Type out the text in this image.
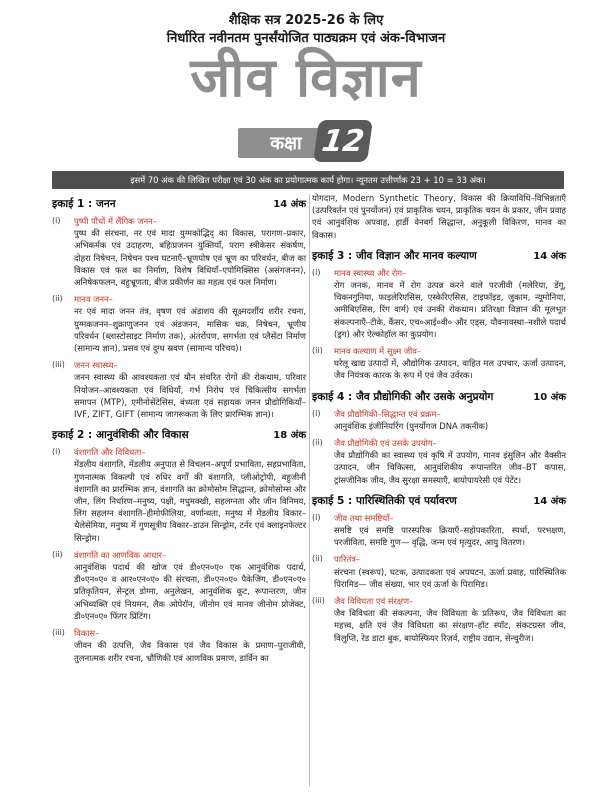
शैक्षिक सत्र 2025-26 के लिए
निर्धारित नवीनतम पुनर्संयोजित पाठ्यक्रम एवं अंक-विभाजन
जीव विज्ञान
कक्षा 12
इसमें 70 अंक की लिखित परीक्षा एवं 30 अंक का प्रयोगात्मक कार्य होगा। न्यूनतम उत्तीर्णांक 23 + 10 = 33 अंक।
इकाई 1 : जनन	14 अंक
(i)	पुष्पी पौधों में लैंगिक जनन–
पुष्प की संरचना, नर एवं मादा युग्मकोद्भिद् का विकास, परागण–प्रकार, अभिकर्मक एवं उदाहरण, बहिःप्रजनन युक्तियाँ, पराग स्त्रीकेसर संकर्षण, दोहरा निषेचन, निषेचन पश्च घटनाएँ–भ्रूणपोष एवं भ्रूण का परिवर्धन, बीज का विकास एवं फल का निर्माण, विशेष विधियाँ–एपोमिक्सिस (असंगजनन), अनिषेकफलन, बहुभ्रूणता, बीज प्रकीर्णन का महत्व एवं फल निर्माण।
(ii)	मानव जनन–
नर एवं मादा जनन तंत्र, वृषण एवं अंडाशय की सूक्ष्मदर्शीय शरीर रचना, युग्मकजनन–शुक्राणुजनन एवं अंडजनन, मासिक चक्र, निषेचन, भ्रूणीय परिवर्धन (ब्लास्टोसाइट निर्माण तक), अंतर्रोपण, सगर्भता एवं प्लैसेंटा निर्माण (सामान्य ज्ञान), प्रसव एवं दुग्ध स्रवण (सामान्य परिचय)।
(iii)	जनन स्वास्थ्य–
जनन स्वास्थ्य की आवश्यकता एवं यौन संचरित रोगों की रोकथाम, परिवार नियोजन–आवश्यकता एवं विधियाँ, गर्भ निरोध एवं चिकित्सीय सगर्भता समापन (MTP), एमीनोसेंटेसिस, बंध्यता एवं सहायक जनन प्रौद्योगिकियाँ–IVF, ZIFT, GIFT (सामान्य जागरूकता के लिए प्रारम्भिक ज्ञान)।
इकाई 2 : आनुवंशिकी और विकास	18 अंक
(i)	वंशागति और विविधता–
मेंडलीय वंशागति, मेंडलीय अनुपात से विचलन–अपूर्ण प्रभाविता, सहप्रभाविता, गुणनात्मक विकल्पी एवं रुधिर वर्गों की वंशागति, प्लीओट्रोपी, बहुजीनी वंशागति का प्रारम्भिक ज्ञान, वंशागति का क्रोमोसोम सिद्धान्त, क्रोमोसोम्स और जीन, लिंग निर्धारण–मनुष्य, पक्षी, मधुमक्खी, सहलग्नता और जीन विनिमय, लिंग सहलग्न वंशागति–हीमोफीलिया, वर्णान्धता, मनुष्य में मेंडलीय विकार– थैलेसेमिया, मनुष्य में गुणसूत्रीय विकार–डाउन सिन्ड्रोम, टर्नर एवं क्लाइनफेल्टर सिन्ड्रोम।
(ii)	वंशागति का आणविक आधार–
आनुवंशिक पदार्थ की खोज एवं डी०एन०ए० एक आनुवंशिक पदार्थ, डी०एन०ए० व आर०एन०ए० की संरचना, डी०एन०ए० पैकेजिंग, डी०एन०ए० प्रतिकृतियन, सेन्ट्रल डोग्मा, अनुलेखन, आनुवंशिक कूट, रूपान्तरण, जीन अभिव्यक्ति एवं नियमन, लैक ओपेरॉन, जीनोम एवं मानव जीनोम प्रोजेक्ट, डी०एन०ए० फिंगर प्रिंटिंग।
(iii)	विकास–
जीवन की उत्पत्ति, जैव विकास एवं जैव विकास के प्रमाण–पुराजीवी, तुलनात्मक शरीर रचना, भ्रौणिकी एवं आणविक प्रमाण, डार्विन का
योगदान, Modern Synthetic Theory, विकास की क्रियाविधि–विभिन्नताएँ (उत्परिवर्तन एवं पुनर्योजन) एवं प्राकृतिक चयन, प्राकृतिक चयन के प्रकार, जीन प्रवाह एवं आनुवंशिक अपवाह, हार्डी वेनबर्ग सिद्धान्त, अनुकूली विकिरण, मानव का विकास।
इकाई 3 : जीव विज्ञान और मानव कल्याण	14 अंक
(i)	मानव स्वास्थ्य और रोग–
रोग जनक, मानव में रोग उत्पन्न करने वाले परजीवी (मलेरिया, डेंगू, चिकनगुनिया, फाइलेरिएसिस, एस्केरिएसिस, टाइफॉइड, जुकाम, न्यूमोनिया, अमीबिएसिस, रिंग वार्म) एवं उनकी रोकथाम। प्रतिरक्षा विज्ञान की मूलभूत संकल्पनाएँ–टीके, कैंसर, एच०आई०वी० और एड्स, यौवनावस्था–नशीले पदार्थ (ड्रग) और ऐल्कोहॉल का कुप्रयोग।
(ii)	मानव कल्याण में सूक्ष्म जीव–
घरेलू खाद्य उत्पादों में, औद्योगिक उत्पादन, वाहित मल उपचार, ऊर्जा उत्पादन, जैव नियंत्रक कारक के रूप में एवं जैव उर्वरक।
इकाई 4 : जैव प्रौद्योगिकी और उसके अनुप्रयोग	10 अंक
(i)	जैव प्रौद्योगिकी–सिद्धान्त एवं प्रक्रम–
आनुवंशिक इंजीनियरिंग (पुनर्योगज DNA तकनीक)
(ii)	जैव प्रौद्योगिकी एवं उसके उपयोग–
जैव प्रौद्योगिकी का स्वास्थ्य एवं कृषि में उपयोग, मानव इंसुलिन और वैक्सीन उत्पादन, जीन चिकित्सा, आनुवंशिकीय रूपान्तरित जीव–BT कपास, ट्रांसजीनिक जीव, जैव सुरक्षा समस्याएँ, बायोपायरेसी एवं पेटेंट।
इकाई 5 : पारिस्थितिकी एवं पर्यावरण	14 अंक
(i)	जीव तथा समष्टियाँ–
समष्टि एवं समष्टि पारस्परिक क्रियाएँ–सहोपकारिता, स्पर्धा, परभक्षण, परजीविता, समष्टि गुण— वृद्धि, जन्म एवं मृत्युदर, आयु वितरण।
(ii)	पारितंत्र–
संरचना (स्वरूप), घटक, उत्पादकता एवं अपघटन, ऊर्जा प्रवाह, पारिस्थितिक पिरामिड— जीव संख्या, भार एवं ऊर्जा के पिरामिड।
(iii)	जैव विविधता एवं संरक्षण–
जैव विविधता की संकल्पना, जैव विविधता के प्रतिरूप, जैव विविधता का महत्त्व, क्षति एवं जैव विविधता का संरक्षण–हॉट स्पॉट, संकटग्रस्त जीव, विलुप्ति, रेड डाटा बुक, बायोस्फियर रिज़र्व, राष्ट्रीय उद्यान, सेन्चुरीज।
